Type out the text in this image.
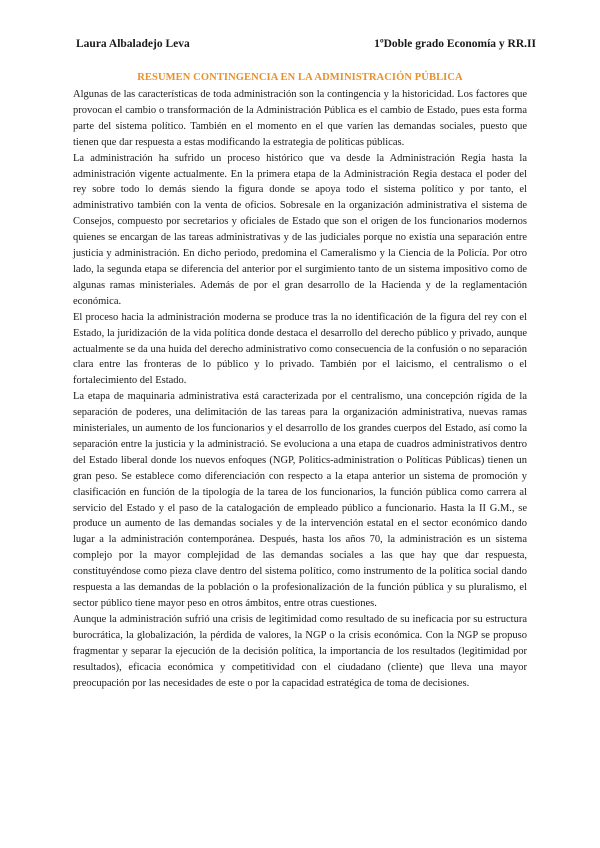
Laura Albaladejo Leva	1ºDoble grado Economía y RR.II
RESUMEN CONTINGENCIA EN LA ADMINISTRACIÓN PÚBLICA

Algunas de las características de toda administración son la contingencia y la historicidad. Los factores que provocan el cambio o transformación de la Administración Pública es el cambio de Estado, pues esta forma parte del sistema político. También en el momento en el que varíen las demandas sociales, puesto que tienen que dar respuesta a estas modificando la estrategia de políticas públicas.

La administración ha sufrido un proceso histórico que va desde la Administración Regia hasta la administración vigente actualmente. En la primera etapa de la Administración Regia destaca el poder del rey sobre todo lo demás siendo la figura donde se apoya todo el sistema político y por tanto, el administrativo también con la venta de oficios. Sobresale en la organización administrativa el sistema de Consejos, compuesto por secretarios y oficiales de Estado que son el origen de los funcionarios modernos quienes se encargan de las tareas administrativas y de las judiciales porque no existía una separación entre justicia y administración. En dicho periodo, predomina el Cameralismo y la Ciencia de la Policía. Por otro lado, la segunda etapa se diferencia del anterior por el surgimiento tanto de un sistema impositivo como de algunas ramas ministeriales. Además de por el gran desarrollo de la Hacienda y de la reglamentación económica.

El proceso hacia la administración moderna se produce tras la no identificación de la figura del rey con el Estado, la juridización de la vida política donde destaca el desarrollo del derecho público y privado, aunque actualmente se da una huida del derecho administrativo como consecuencia de la confusión o no separación clara entre las fronteras de lo público y lo privado. También por el laicismo, el centralismo o el fortalecimiento del Estado.

La etapa de maquinaria administrativa está caracterizada por el centralismo, una concepción rígida de la separación de poderes, una delimitación de las tareas para la organización administrativa, nuevas ramas ministeriales, un aumento de los funcionarios y el desarrollo de los grandes cuerpos del Estado, así como la separación entre la justicia y la administració. Se evoluciona a una etapa de cuadros administrativos dentro del Estado liberal donde los nuevos enfoques (NGP, Politics-administration o Políticas Públicas) tienen un gran peso. Se establece como diferenciación con respecto a la etapa anterior un sistema de promoción y clasificación en función de la tipología de la tarea de los funcionarios, la función pública como carrera al servicio del Estado y el paso de la catalogación de empleado público a funcionario. Hasta la II G.M., se produce un aumento de las demandas sociales y de la intervención estatal en el sector económico dando lugar a la administración contemporánea. Después, hasta los años 70, la administración es un sistema complejo por la mayor complejidad de las demandas sociales a las que hay que dar respuesta, constituyéndose como pieza clave dentro del sistema político, como instrumento de la política social dando respuesta a las demandas de la población o la profesionalización de la función pública y su pluralismo, el sector público tiene mayor peso en otros ámbitos, entre otras cuestiones.

Aunque la administración sufrió una crisis de legitimidad como resultado de su ineficacia por su estructura burocrática, la globalización, la pérdida de valores, la NGP o la crisis económica. Con la NGP se propuso fragmentar y separar la ejecución de la decisión política, la importancia de los resultados (legitimidad por resultados), eficacia económica y competitividad con el ciudadano (cliente) que lleva una mayor preocupación por las necesidades de este o por la capacidad estratégica de toma de decisiones.
